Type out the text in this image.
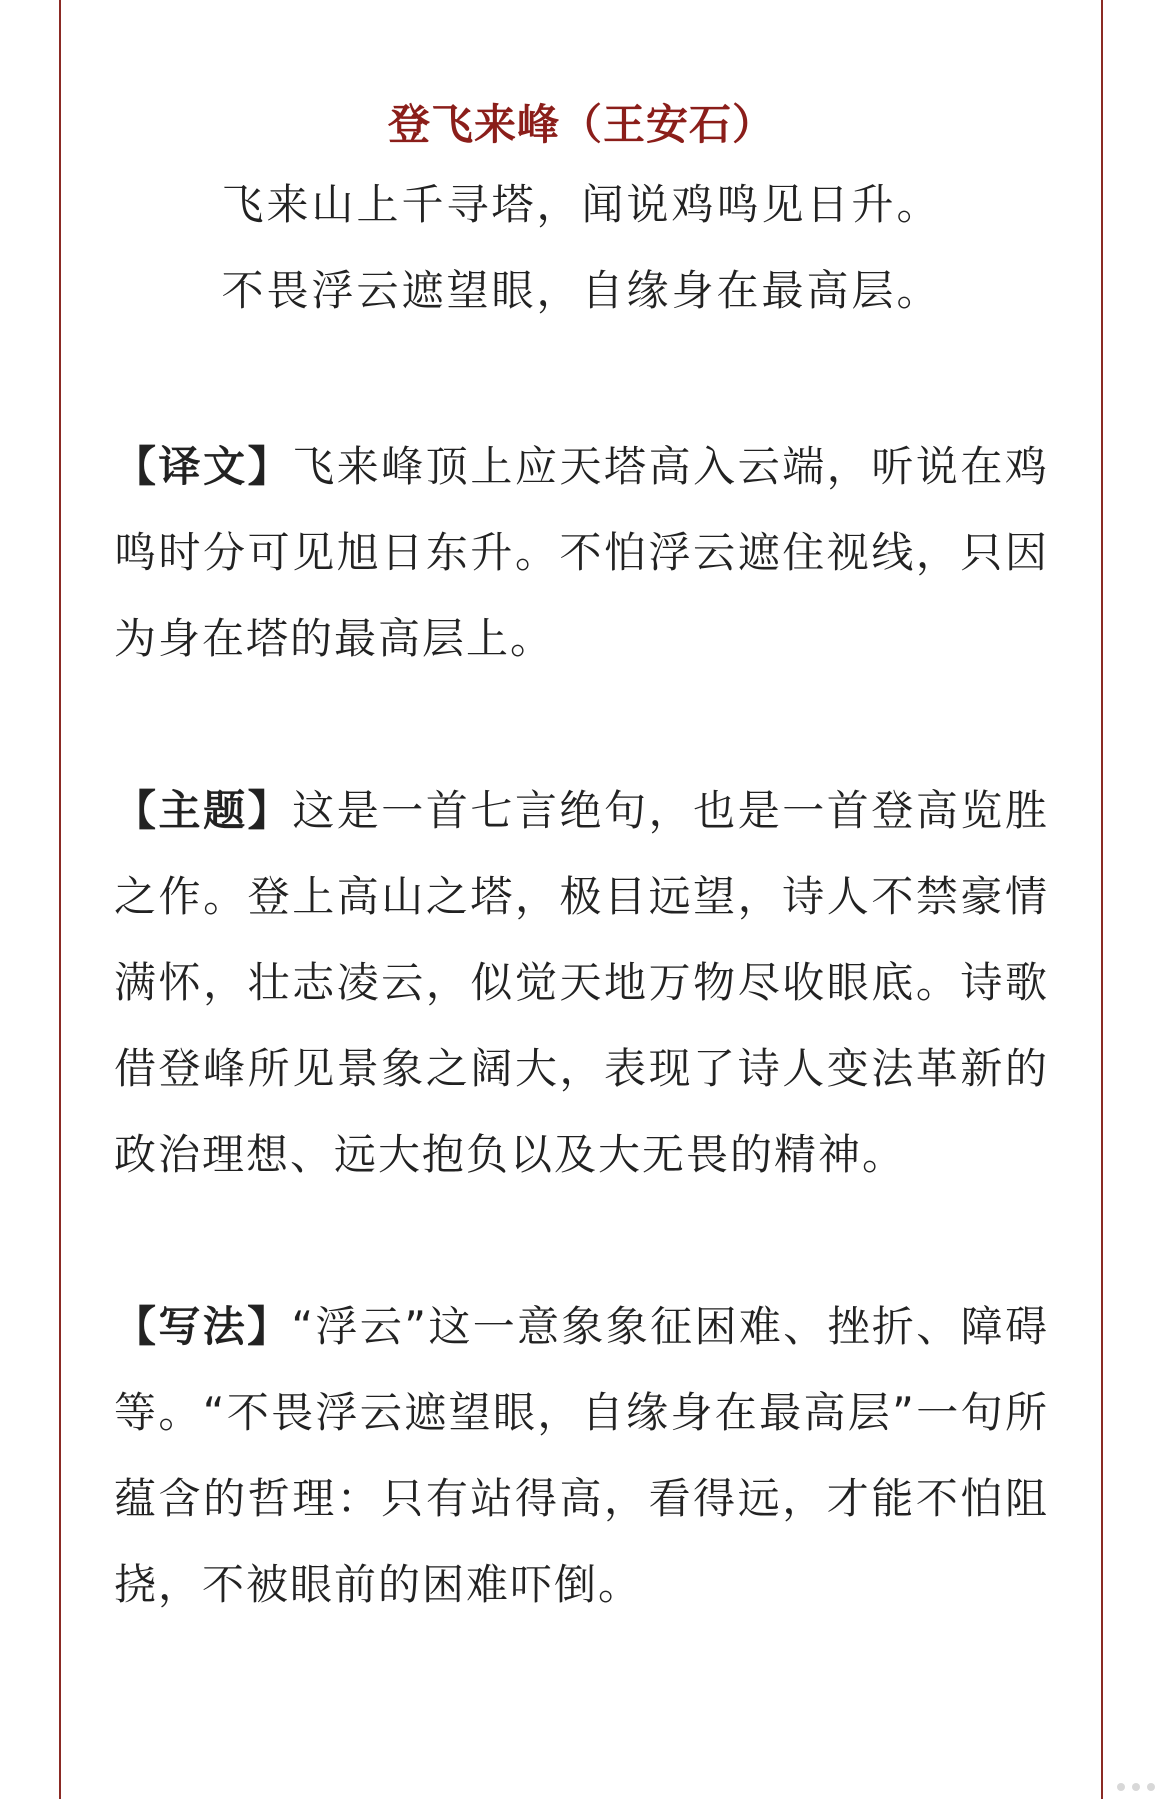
登飞来峰（王安石）
飞来山上千寻塔，闻说鸡鸣见日升。
不畏浮云遮望眼，自缘身在最高层。
【译文】飞来峰顶上应天塔高入云端，听说在鸡鸣时分可见旭日东升。不怕浮云遮住视线，只因为身在塔的最高层上。
【主题】这是一首七言绝句，也是一首登高览胜之作。登上高山之塔，极目远望，诗人不禁豪情满怀，壮志凌云，似觉天地万物尽收眼底。诗歌借登峰所见景象之阔大，表现了诗人变法革新的政治理想、远大抱负以及大无畏的精神。
【写法】“浮云”这一意象象征困难、挫折、障碍等。“不畏浮云遮望眼，自缘身在最高层”一句所蕴含的哲理：只有站得高，看得远，才能不怕阻挠，不被眼前的困难吓倒。
